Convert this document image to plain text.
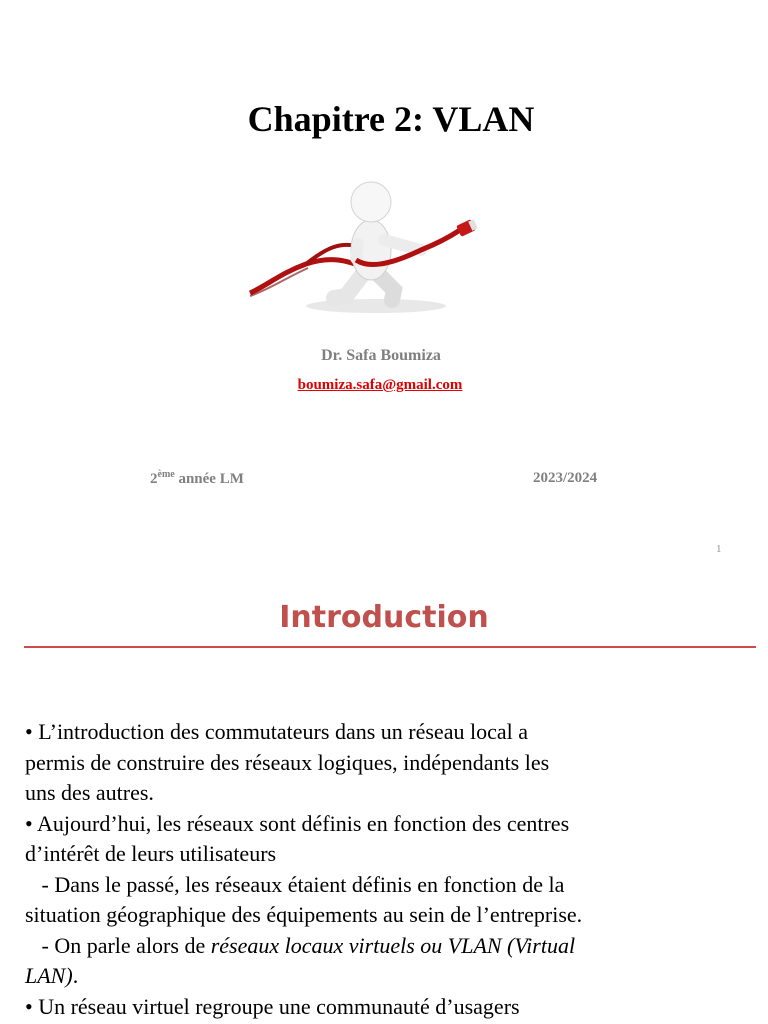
Chapitre 2: VLAN
Dr. Safa Boumiza
boumiza.safa@gmail.com
2ème année LM	2023/2024
1
Introduction

• L’introduction des commutateurs dans un réseau local a

permis de construire des réseaux logiques, indépendants les

uns des autres.

• Aujourd’hui, les réseaux sont définis en fonction des centres

d’intérêt de leurs utilisateurs

- Dans le passé, les réseaux étaient définis en fonction de la

situation géographique des équipements au sein de l’entreprise.

- On parle alors de réseaux locaux virtuels ou VLAN (Virtual

LAN).

• Un réseau virtuel regroupe une communauté d’usagers
